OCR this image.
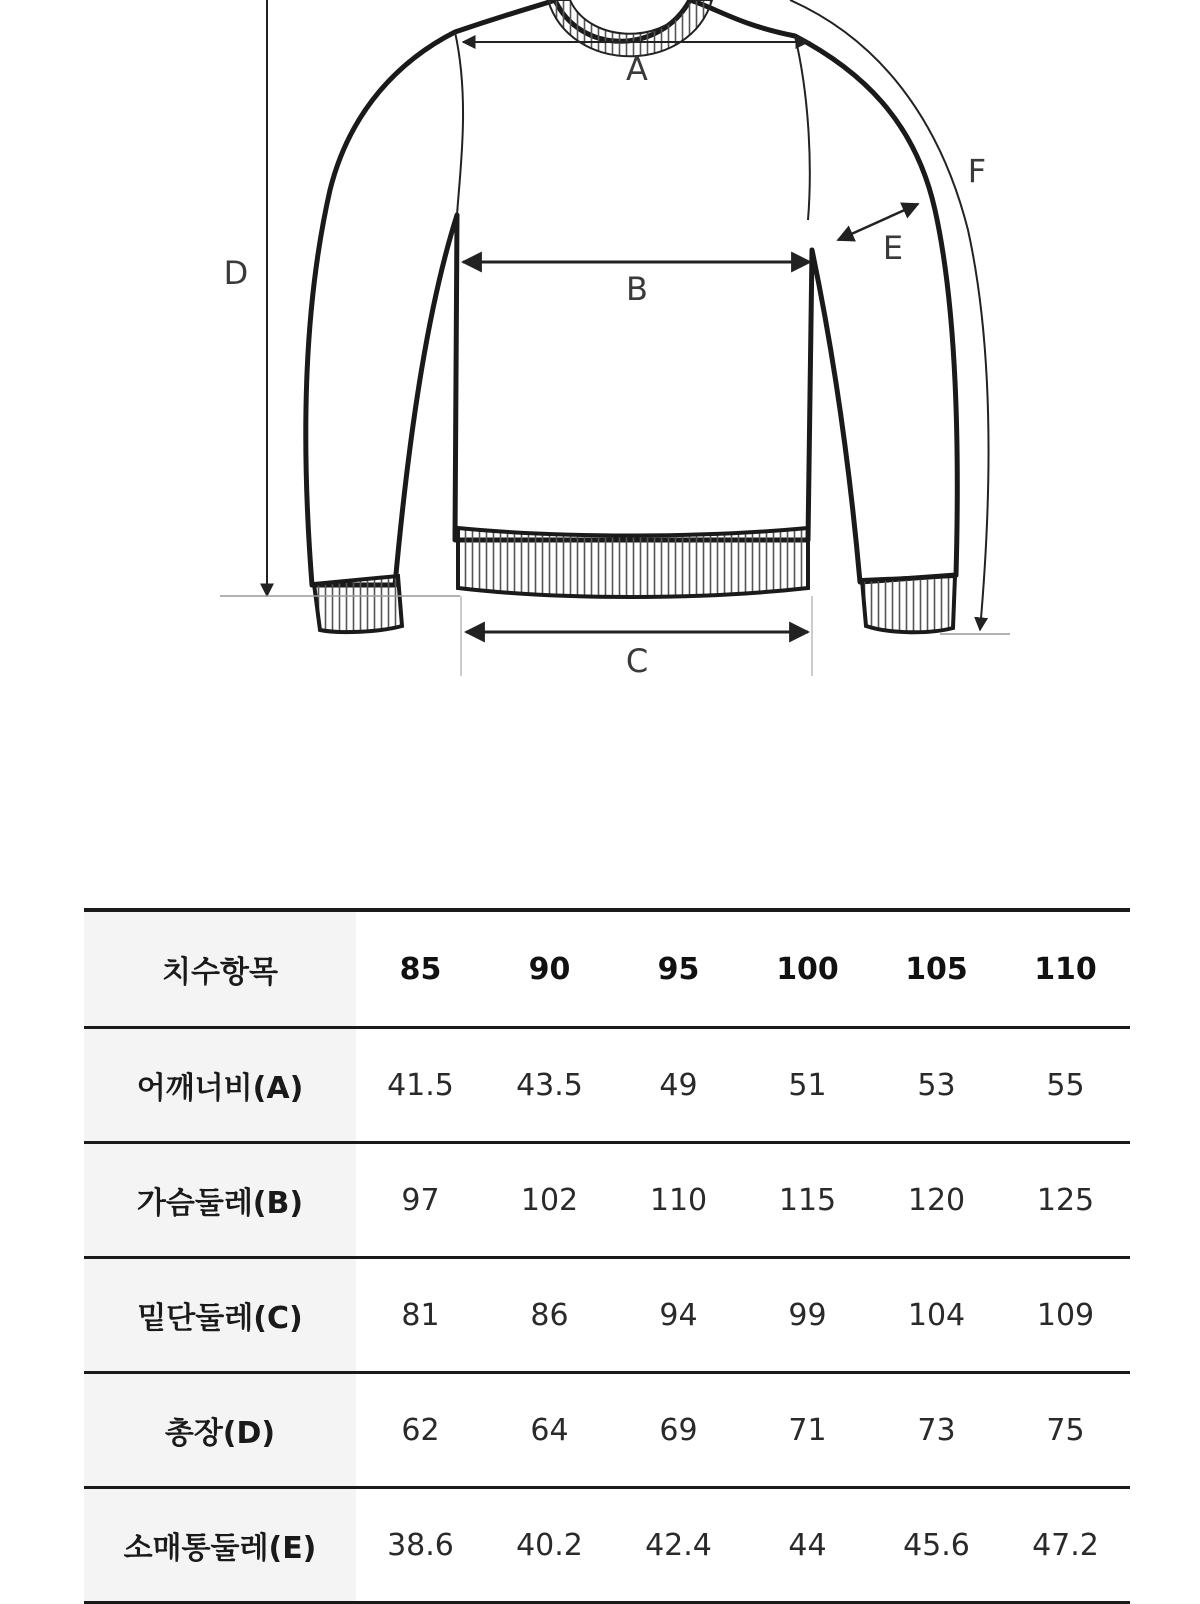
D
A
B
C
E
F
치수항목	85	90	95	100	105	110
어깨너비(A)	41.5	43.5	49	51	53	55
가슴둘레(B)	97	102	110	115	120	125
밑단둘레(C)	81	86	94	99	104	109
총장(D)	62	64	69	71	73	75
소매통둘레(E)	38.6	40.2	42.4	44	45.6	47.2
